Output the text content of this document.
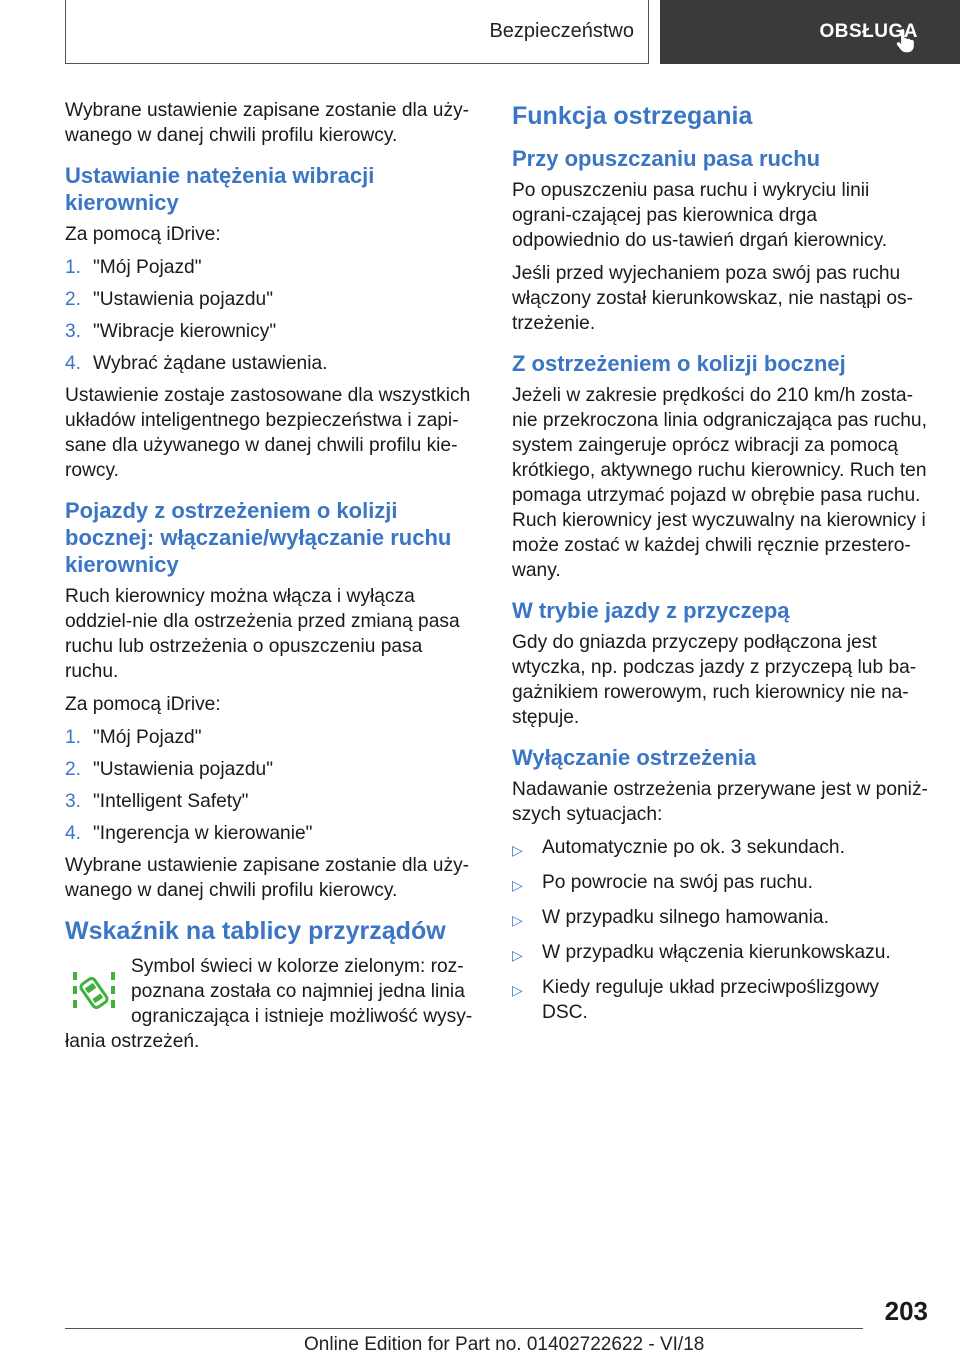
Bezpieczeństwo	OBSŁUGA

Wybrane ustawienie zapisane zostanie dla uży-wanego w danej chwili profilu kierowcy.

Ustawianie natężenia wibracji kierownicy

Za pomocą iDrive:

1. "Mój Pojazd"
2. "Ustawienia pojazdu"
3. "Wibracje kierownicy"
4. Wybrać żądane ustawienia.

Ustawienie zostaje zastosowane dla wszystkich układów inteligentnego bezpieczeństwa i zapi-sane dla używanego w danej chwili profilu kie-rowcy.

Pojazdy z ostrzeżeniem o kolizji bocznej: włączanie/wyłączanie ruchu kierownicy

Ruch kierownicy można włącza i wyłącza oddziel-nie dla ostrzeżenia przed zmianą pasa ruchu lub ostrzeżenia o opuszczeniu pasa ruchu.

Za pomocą iDrive:

1. "Mój Pojazd"
2. "Ustawienia pojazdu"
3. "Intelligent Safety"
4. "Ingerencja w kierowanie"

Wybrane ustawienie zapisane zostanie dla uży-wanego w danej chwili profilu kierowcy.

Wskaźnik na tablicy przyrządów

Symbol świeci w kolorze zielonym: roz-
poznana została co najmniej jedna linia
ograniczająca i istnieje możliwość wysy-
łania ostrzeżeń.

Funkcja ostrzegania
Przy opuszczaniu pasa ruchu

Po opuszczeniu pasa ruchu i wykryciu linii ograni-czającej pas kierownica drga odpowiednio do us-tawień drgań kierownicy.

Jeśli przed wyjechaniem poza swój pas ruchu włączony został kierunkowskaz, nie nastąpi os-trzeżenie.

Z ostrzeżeniem o kolizji bocznej

Jeżeli w zakresie prędkości do 210 km/h zosta-nie przekroczona linia odgraniczająca pas ruchu, system zaingeruje oprócz wibracji za pomocą krótkiego, aktywnego ruchu kierownicy. Ruch ten pomaga utrzymać pojazd w obrębie pasa ruchu. Ruch kierownicy jest wyczuwalny na kierownicy i może zostać w każdej chwili ręcznie przestero-wany.

W trybie jazdy z przyczepą

Gdy do gniazda przyczepy podłączona jest wtyczka, np. podczas jazdy z przyczepą lub ba-gażnikiem rowerowym, ruch kierownicy nie na-stępuje.

Wyłączanie ostrzeżenia

Nadawanie ostrzeżenia przerywane jest w poniż-szych sytuacjach:

▷	Automatycznie po ok. 3 sekundach.
▷	Po powrocie na swój pas ruchu.
▷	W przypadku silnego hamowania.
▷	W przypadku włączenia kierunkowskazu.
▷	Kiedy reguluje układ przeciwpoślizgowy DSC.
203
Online Edition for Part no. 01402722622 - VI/18
